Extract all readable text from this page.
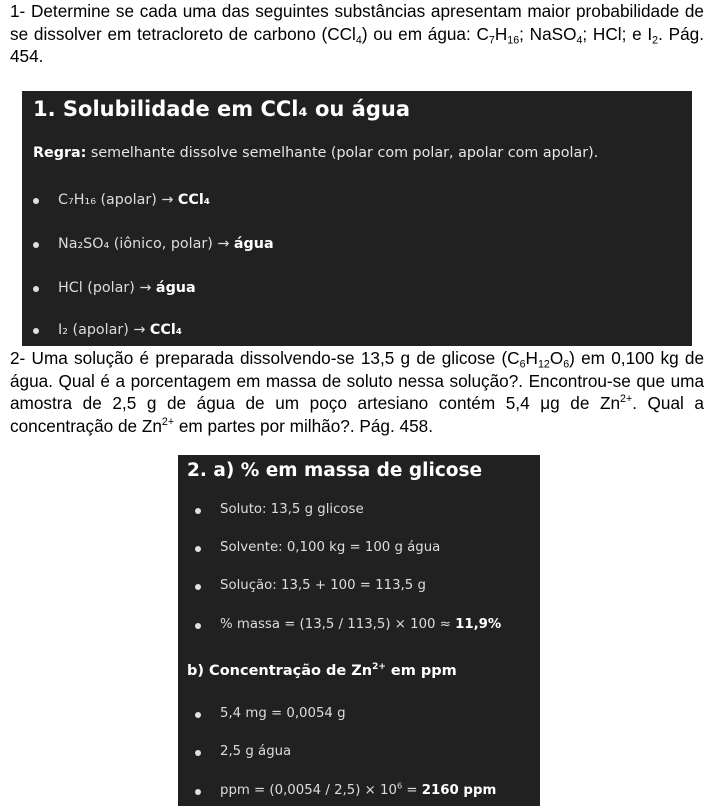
1- Determine se cada uma das seguintes substâncias apresentam maior probabilidade de se dissolver em tetracloreto de carbono (CCl$_4$) ou em água: $C_7H_{16}$; NaSO$_4$; HCl; e $I_2$. Pág. 454.
1. Solubilidade em CCl₄ ou água
Regra: semelhante dissolve semelhante (polar com polar, apolar com apolar).
C₇H₁₆ (apolar) → CCl₄
Na₂SO₄ (iônico, polar) → água
HCl (polar) → água
I₂ (apolar) → CCl₄
2- Uma solução é preparada dissolvendo-se 13,5 g de glicose $(C_6H_{12}O_6)$ em 0,100 kg de água. Qual é a porcentagem em massa de soluto nessa solução?. Encontrou-se que uma amostra de 2,5 g de água de um poço artesiano contém 5,4 μg de $Zn^{2+}$. Qual a concentração de $Zn^{2+}$ em partes por milhão?. Pág. 458.
2. a) % em massa de glicose
Soluto: 13,5 g glicose
Solvente: 0,100 kg = 100 g água
Solução: 13,5 + 100 = 113,5 g
% massa = (13,5 / 113,5) × 100 ≈ 11,9%
b) Concentração de $Zn^{2+}$ em ppm
5,4 mg = 0,0054 g
2,5 g água
ppm = $(0,0054 / 2,5) \times 10^6 = 2160$ ppm
